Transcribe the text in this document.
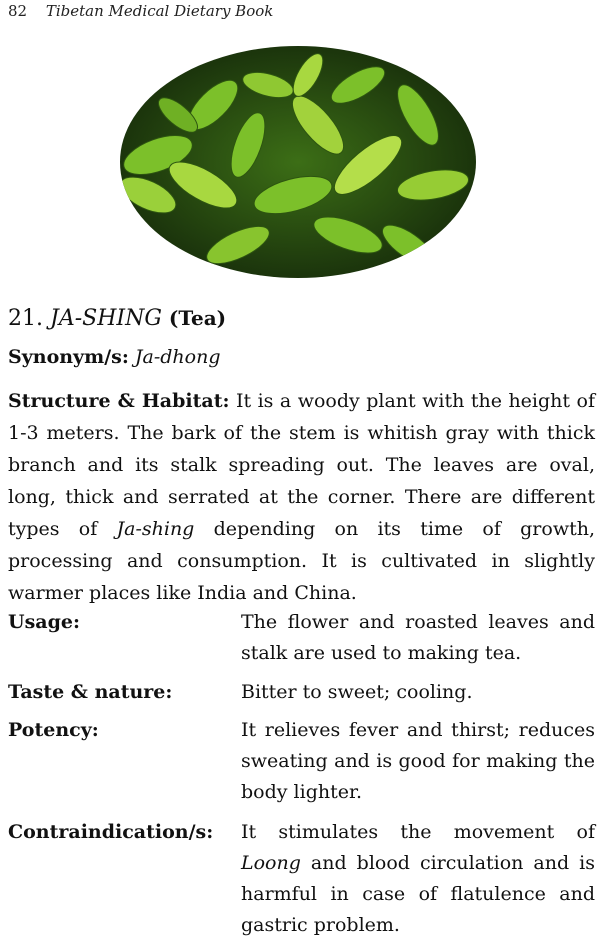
82 Tibetan Medical Dietary Book
21. JA-SHING (Tea)
Synonym/s: Ja-dhong

Structure & Habitat: It is a woody plant with the height of 1-3 meters. The bark of the stem is whitish gray with thick branch and its stalk spreading out. The leaves are oval, long, thick and serrated at the corner. There are different types of Ja-shing depending on its time of growth, processing and consumption. It is cultivated in slightly warmer places like India and China.

Usage:	The flower and roasted leaves and stalk are used to making tea.

Taste & nature:	Bitter to sweet; cooling.

Potency:	It relieves fever and thirst; reduces sweating and is good for making the body lighter.

Contraindication/s: It stimulates the movement of Loong and blood circulation and is harmful in case of flatulence and gastric problem.
